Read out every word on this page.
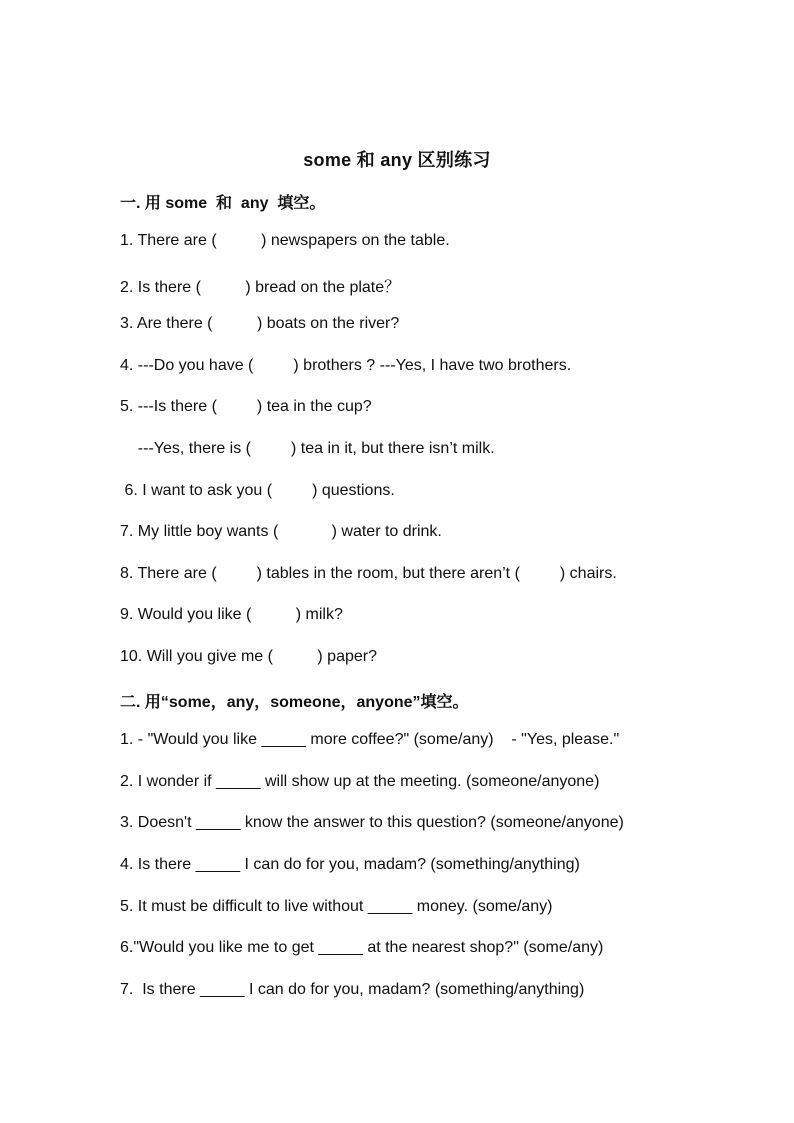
some 和 any 区别练习
一. 用 some  和  any  填空。
1. There are (          ) newspapers on the table.
2. Is there (          ) bread on the plate？
3. Are there (          ) boats on the river?
4. ---Do you have (         ) brothers ? ---Yes, I have two brothers.
5. ---Is there (         ) tea in the cup?
---Yes, there is (         ) tea in it, but there isn’t milk.
6. I want to ask you (         ) questions.
7. My little boy wants (            ) water to drink.
8. There are (         ) tables in the room, but there aren’t (         ) chairs.
9. Would you like (          ) milk?
10. Will you give me (          ) paper?
二. 用“some，any，someone，anyone”填空。
1. - "Would you like _____ more coffee?" (some/any)    - "Yes, please."
2. I wonder if _____ will show up at the meeting. (someone/anyone)
3. Doesn't _____ know the answer to this question? (someone/anyone)
4. Is there _____ I can do for you, madam? (something/anything)
5. It must be difficult to live without _____ money. (some/any)
6."Would you like me to get _____ at the nearest shop?" (some/any)
7.  Is there _____ I can do for you, madam? (something/anything)
